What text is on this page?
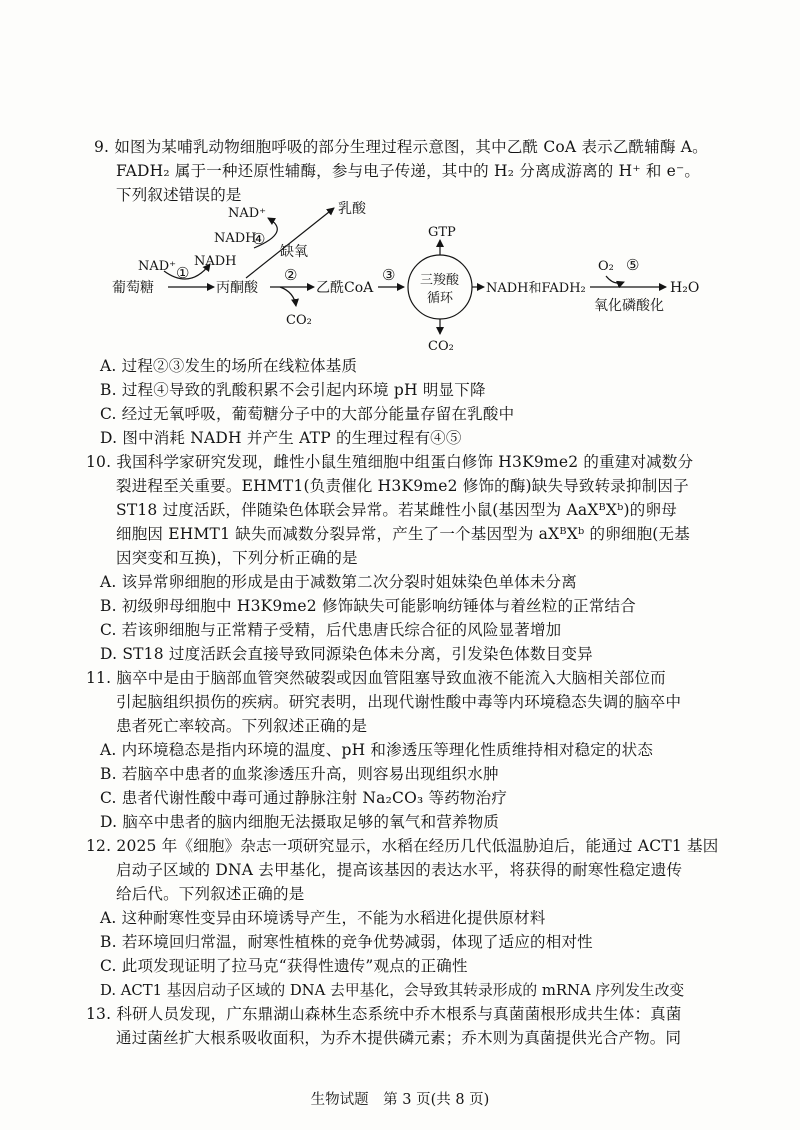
9. 如图为某哺乳动物细胞呼吸的部分生理过程示意图，其中乙酰 CoA 表示乙酰辅酶 A。
FADH₂ 属于一种还原性辅酶，参与电子传递，其中的 H₂ 分离成游离的 H⁺ 和 e⁻。
下列叙述错误的是
葡萄糖
NAD⁺ ①
NADH
丙酮酸
NADH
④
NAD⁺	乳酸
缺氧
②
CO₂
乙酰CoA
③
GTP
三羧酸
循环
CO₂
NADH和FADH₂
O₂ ⑤
氧化磷酸化
H₂O
A. 过程②③发生的场所在线粒体基质
B. 过程④导致的乳酸积累不会引起内环境 pH 明显下降
C. 经过无氧呼吸，葡萄糖分子中的大部分能量存留在乳酸中
D. 图中消耗 NADH 并产生 ATP 的生理过程有④⑤
10. 我国科学家研究发现，雌性小鼠生殖细胞中组蛋白修饰 H3K9me2 的重建对减数分
裂进程至关重要。EHMT1(负责催化 H3K9me2 修饰的酶)缺失导致转录抑制因子
ST18 过度活跃，伴随染色体联会异常。若某雌性小鼠(基因型为 AaXᴮXᵇ)的卵母
细胞因 EHMT1 缺失而减数分裂异常，产生了一个基因型为 aXᴮXᵇ 的卵细胞(无基
因突变和互换)，下列分析正确的是
A. 该异常卵细胞的形成是由于减数第二次分裂时姐妹染色单体未分离
B. 初级卵母细胞中 H3K9me2 修饰缺失可能影响纺锤体与着丝粒的正常结合
C. 若该卵细胞与正常精子受精，后代患唐氏综合征的风险显著增加
D. ST18 过度活跃会直接导致同源染色体未分离，引发染色体数目变异
11. 脑卒中是由于脑部血管突然破裂或因血管阻塞导致血液不能流入大脑相关部位而
引起脑组织损伤的疾病。研究表明，出现代谢性酸中毒等内环境稳态失调的脑卒中
患者死亡率较高。下列叙述正确的是
A. 内环境稳态是指内环境的温度、pH 和渗透压等理化性质维持相对稳定的状态
B. 若脑卒中患者的血浆渗透压升高，则容易出现组织水肿
C. 患者代谢性酸中毒可通过静脉注射 Na₂CO₃ 等药物治疗
D. 脑卒中患者的脑内细胞无法摄取足够的氧气和营养物质
12. 2025 年《细胞》杂志一项研究显示，水稻在经历几代低温胁迫后，能通过 ACT1 基因
启动子区域的 DNA 去甲基化，提高该基因的表达水平，将获得的耐寒性稳定遗传
给后代。下列叙述正确的是
A. 这种耐寒性变异由环境诱导产生，不能为水稻进化提供原材料
B. 若环境回归常温，耐寒性植株的竞争优势减弱，体现了适应的相对性
C. 此项发现证明了拉马克“获得性遗传”观点的正确性
D. ACT1 基因启动子区域的 DNA 去甲基化，会导致其转录形成的 mRNA 序列发生改变
13. 科研人员发现，广东鼎湖山森林生态系统中乔木根系与真菌菌根形成共生体：真菌
通过菌丝扩大根系吸收面积，为乔木提供磷元素；乔木则为真菌提供光合产物。同
生物试题　第 3 页(共 8 页)
